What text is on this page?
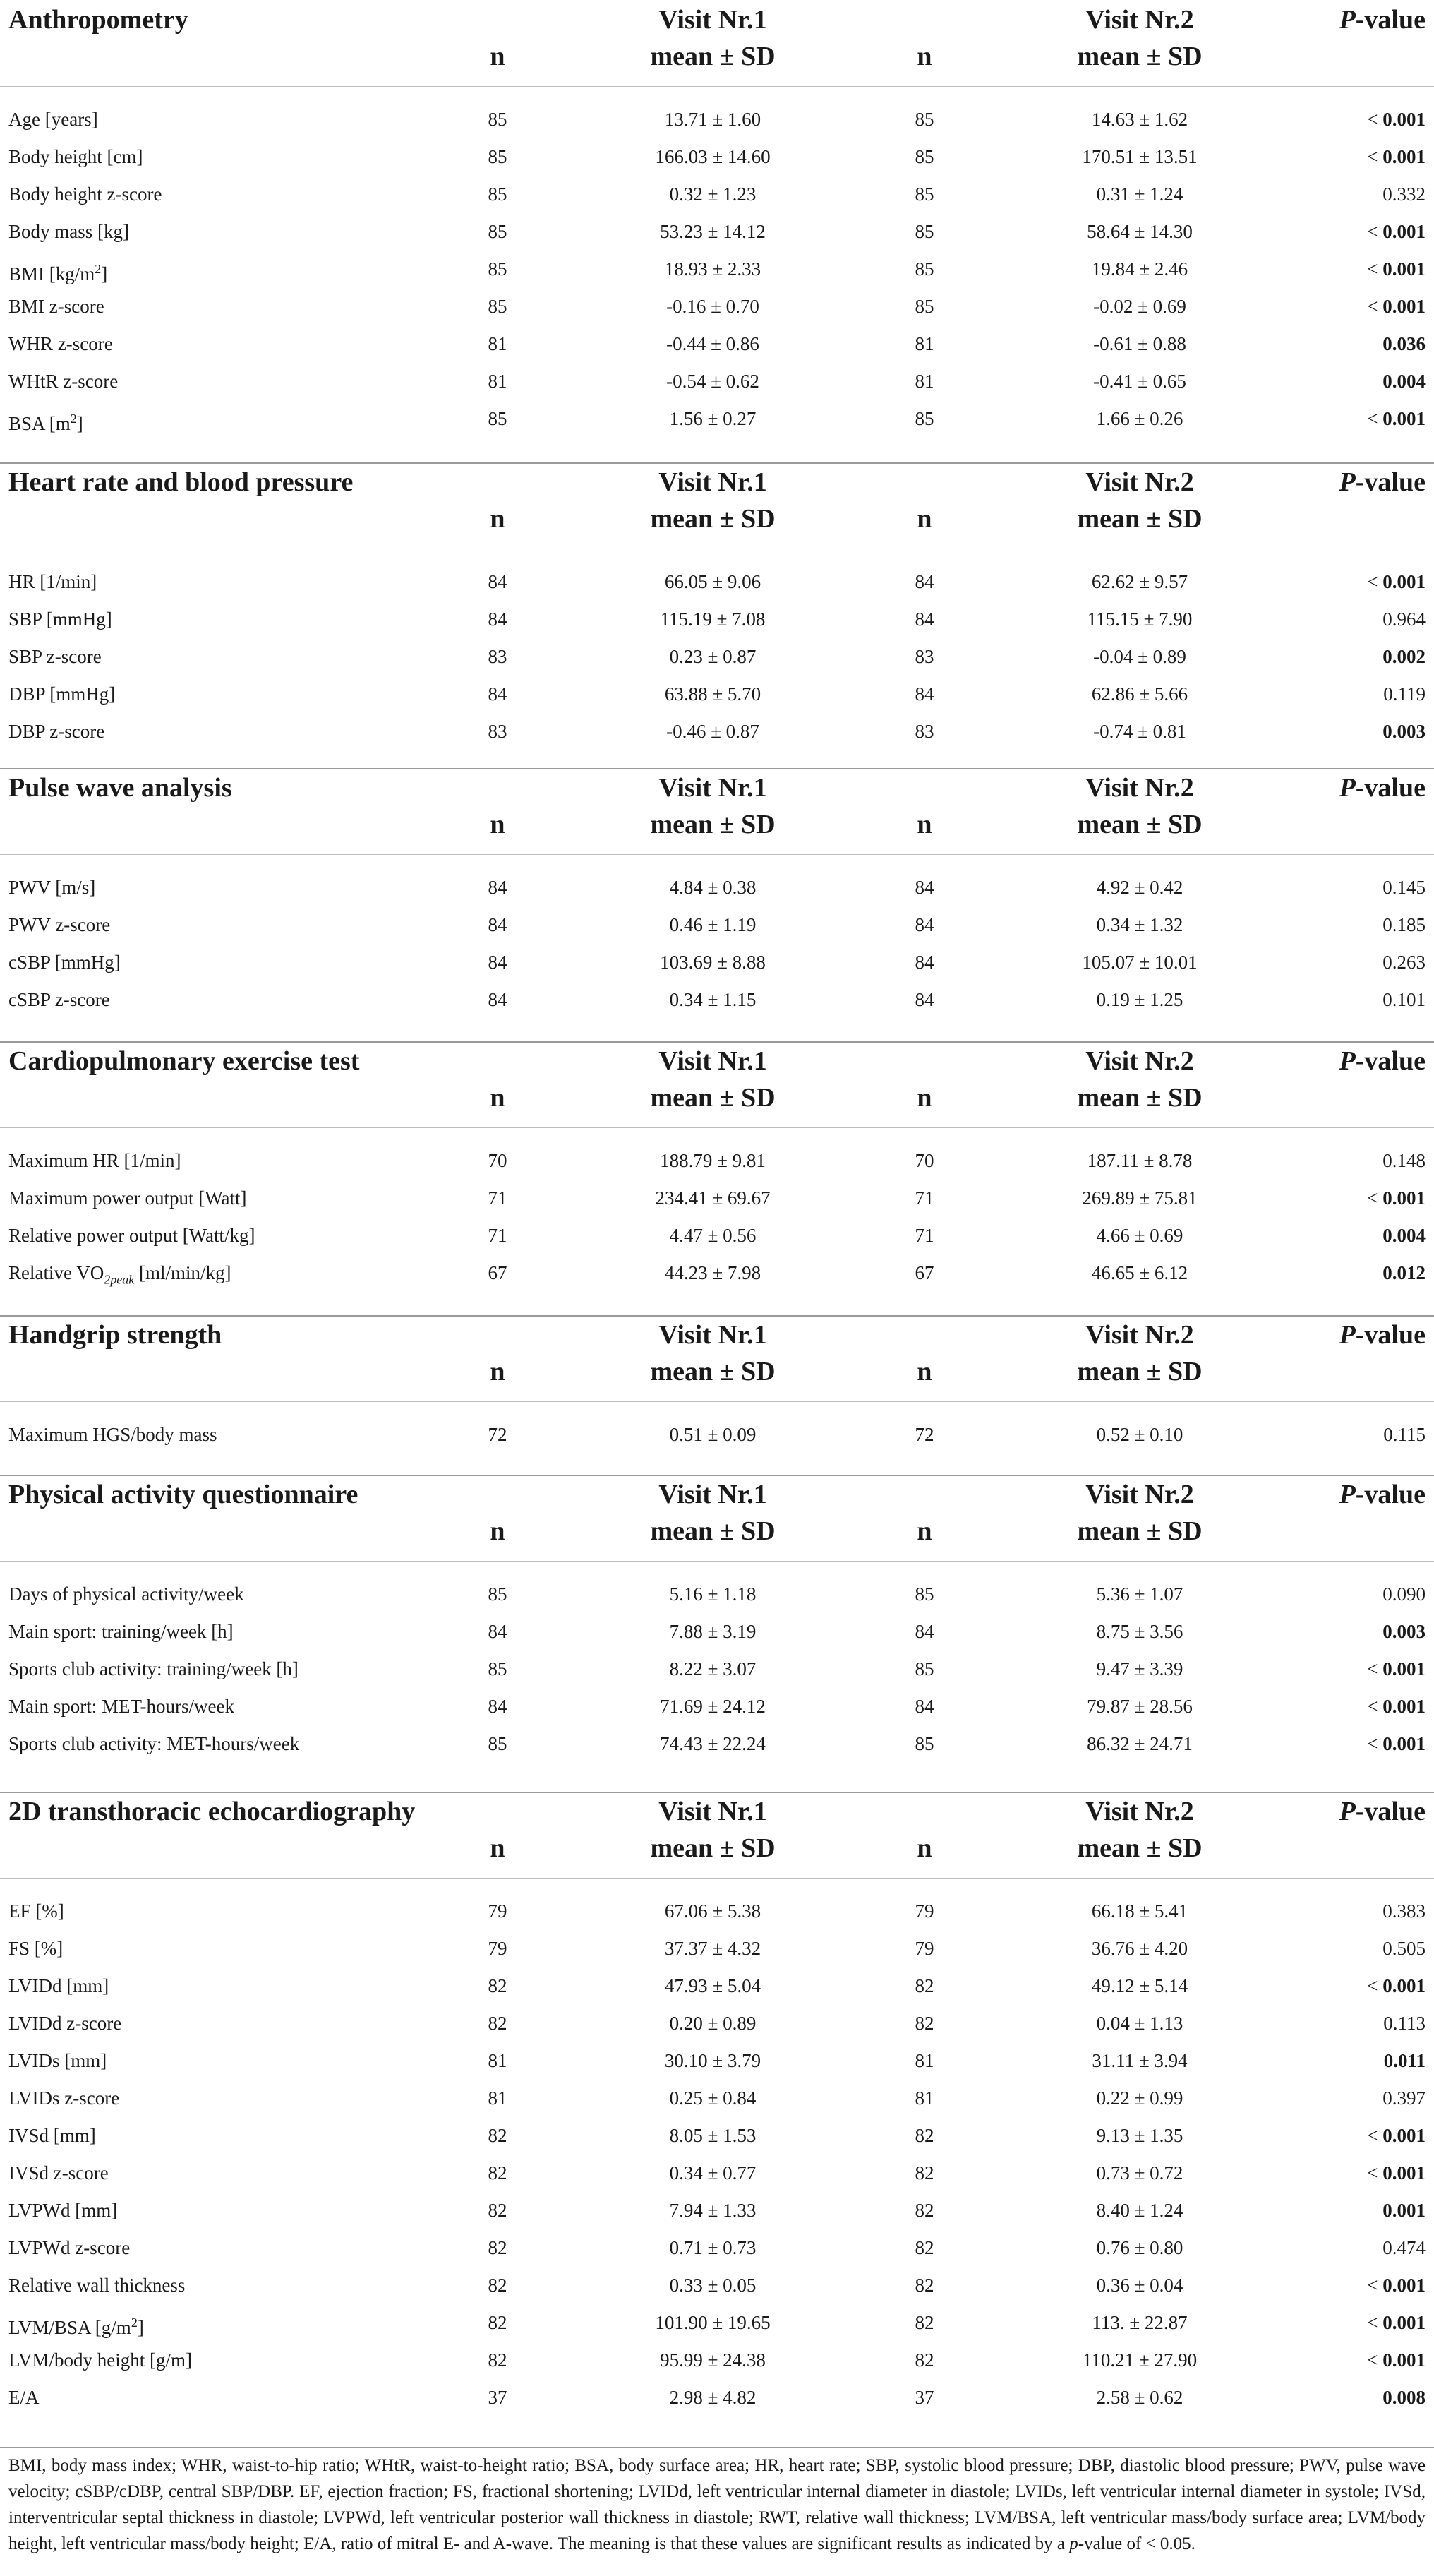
Anthropometry	Visit Nr.1	Visit Nr.2	P-value
n	mean ± SD	n	mean ± SD
Age [years]	85	13.71 ± 1.60	85	14.63 ± 1.62	< 0.001
Body height [cm]	85	166.03 ± 14.60	85	170.51 ± 13.51	< 0.001
Body height z-score	85	0.32 ± 1.23	85	0.31 ± 1.24	0.332
Body mass [kg]	85	53.23 ± 14.12	85	58.64 ± 14.30	< 0.001
BMI $[kg/m^2]$	85	18.93 ± 2.33	85	19.84 ± 2.46	< 0.001
BMI z-score	85	-0.16 ± 0.70	85	-0.02 ± 0.69	< 0.001
WHR z-score	81	-0.44 ± 0.86	81	-0.61 ± 0.88	0.036
WHtR z-score	81	-0.54 ± 0.62	81	-0.41 ± 0.65	0.004
BSA $[m^2]$	85	1.56 ± 0.27	85	1.66 ± 0.26	< 0.001
Heart rate and blood pressure	Visit Nr.1	Visit Nr.2	P-value
n	mean ± SD	n	mean ± SD
HR [1/min]	84	66.05 ± 9.06	84	62.62 ± 9.57	< 0.001
SBP [mmHg]	84	115.19 ± 7.08	84	115.15 ± 7.90	0.964
SBP z-score	83	0.23 ± 0.87	83	-0.04 ± 0.89	0.002
DBP [mmHg]	84	63.88 ± 5.70	84	62.86 ± 5.66	0.119
DBP z-score	83	-0.46 ± 0.87	83	-0.74 ± 0.81	0.003
Pulse wave analysis	Visit Nr.1	Visit Nr.2	P-value
n	mean ± SD	n	mean ± SD
PWV [m/s]	84	4.84 ± 0.38	84	4.92 ± 0.42	0.145
PWV z-score	84	0.46 ± 1.19	84	0.34 ± 1.32	0.185
cSBP [mmHg]	84	103.69 ± 8.88	84	105.07 ± 10.01	0.263
cSBP z-score	84	0.34 ± 1.15	84	0.19 ± 1.25	0.101
Cardiopulmonary exercise test	Visit Nr.1	Visit Nr.2	P-value
n	mean ± SD	n	mean ± SD
Maximum HR [1/min]	70	188.79 ± 9.81	70	187.11 ± 8.78	0.148
Maximum power output [Watt]	71	234.41 ± 69.67	71	269.89 ± 75.81	< 0.001
Relative power output [Watt/kg]	71	4.47 ± 0.56	71	4.66 ± 0.69	0.004
Relative $VO_{2peak}$ [ml/min/kg]	67	44.23 ± 7.98	67	46.65 ± 6.12	0.012
Handgrip strength	Visit Nr.1	Visit Nr.2	P-value
n	mean ± SD	n	mean ± SD
Maximum HGS/body mass	72	0.51 ± 0.09	72	0.52 ± 0.10	0.115
Physical activity questionnaire	Visit Nr.1	Visit Nr.2	P-value
n	mean ± SD	n	mean ± SD
Days of physical activity/week	85	5.16 ± 1.18	85	5.36 ± 1.07	0.090
Main sport: training/week [h]	84	7.88 ± 3.19	84	8.75 ± 3.56	0.003
Sports club activity: training/week [h]	85	8.22 ± 3.07	85	9.47 ± 3.39	< 0.001
Main sport: MET-hours/week	84	71.69 ± 24.12	84	79.87 ± 28.56	< 0.001
Sports club activity: MET-hours/week	85	74.43 ± 22.24	85	86.32 ± 24.71	< 0.001
2D transthoracic echocardiography	Visit Nr.1	Visit Nr.2	P-value
n	mean ± SD	n	mean ± SD
EF [%]	79	67.06 ± 5.38	79	66.18 ± 5.41	0.383
FS [%]	79	37.37 ± 4.32	79	36.76 ± 4.20	0.505
LVIDd [mm]	82	47.93 ± 5.04	82	49.12 ± 5.14	< 0.001
LVIDd z-score	82	0.20 ± 0.89	82	0.04 ± 1.13	0.113
LVIDs [mm]	81	30.10 ± 3.79	81	31.11 ± 3.94	0.011
LVIDs z-score	81	0.25 ± 0.84	81	0.22 ± 0.99	0.397
IVSd [mm]	82	8.05 ± 1.53	82	9.13 ± 1.35	< 0.001
IVSd z-score	82	0.34 ± 0.77	82	0.73 ± 0.72	< 0.001
LVPWd [mm]	82	7.94 ± 1.33	82	8.40 ± 1.24	0.001
LVPWd z-score	82	0.71 ± 0.73	82	0.76 ± 0.80	0.474
Relative wall thickness	82	0.33 ± 0.05	82	0.36 ± 0.04	< 0.001
LVM/BSA $[g/m^2]$	82	101.90 ± 19.65	82	113. ± 22.87	< 0.001
LVM/body height [g/m]	82	95.99 ± 24.38	82	110.21 ± 27.90	< 0.001
E/A	37	2.98 ± 4.82	37	2.58 ± 0.62	0.008
BMI, body mass index; WHR, waist-to-hip ratio; WHtR, waist-to-height ratio; BSA, body surface area; HR, heart rate; SBP, systolic blood pressure; DBP, diastolic blood pressure; PWV, pulse wave velocity; cSBP/cDBP, central SBP/DBP. EF, ejection fraction; FS, fractional shortening; LVIDd, left ventricular internal diameter in diastole; LVIDs, left ventricular internal diameter in systole; IVSd, interventricular septal thickness in diastole; LVPWd, left ventricular posterior wall thickness in diastole; RWT, relative wall thickness; LVM/BSA, left ventricular mass/body surface area; LVM/body height, left ventricular mass/body height; E/A, ratio of mitral E- and A-wave. The meaning is that these values are significant results as indicated by a p-value of < 0.05.
